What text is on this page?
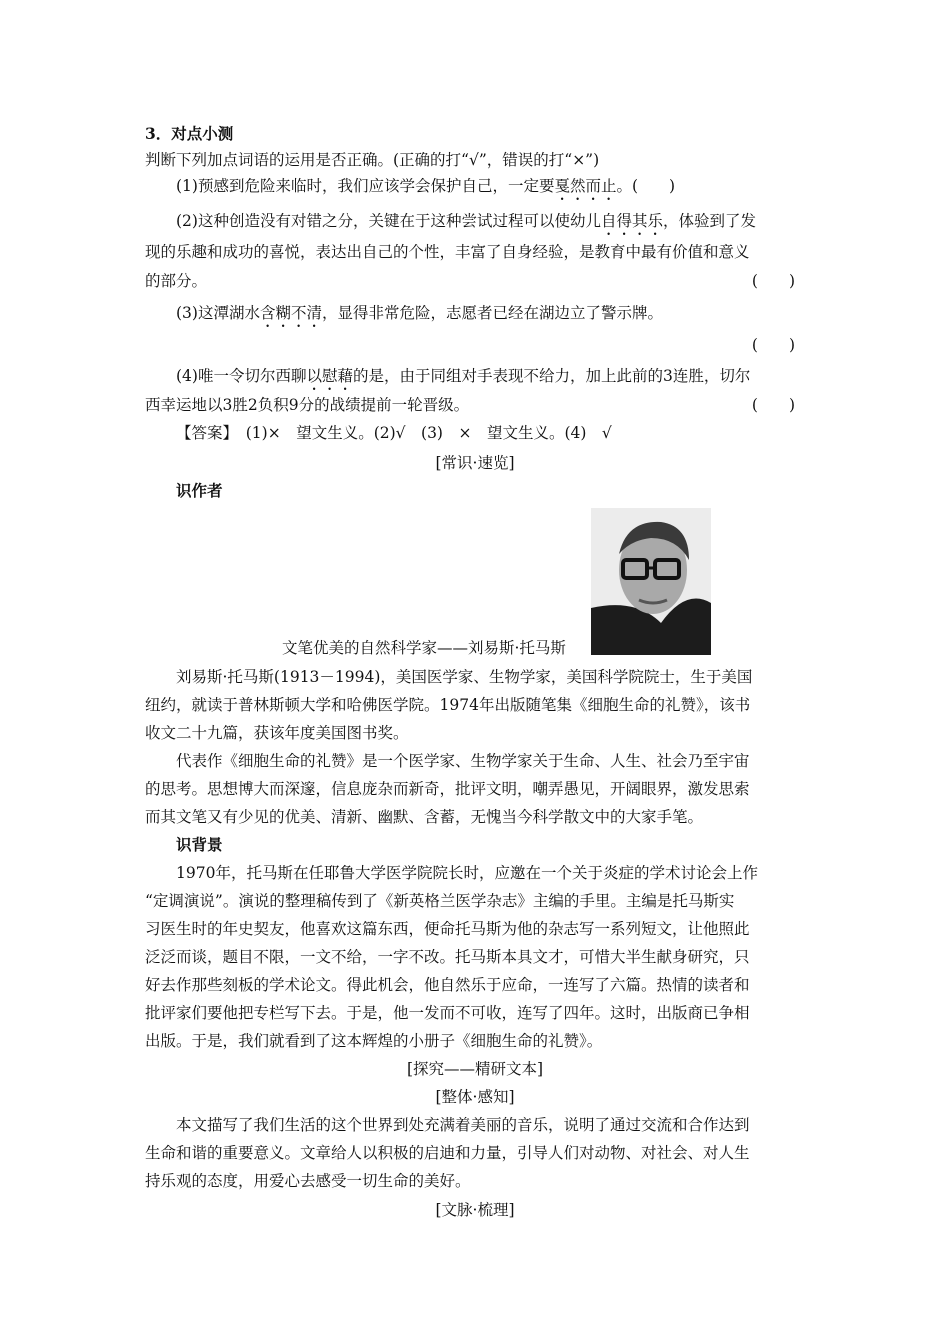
3．对点小测
判断下列加点词语的运用是否正确。(正确的打“√”，错误的打“×”)
(1)预感到危险来临时，我们应该学会保护自己，一定要戛然而止。(　　)
(2)这种创造没有对错之分，关键在于这种尝试过程可以使幼儿自得其乐，体验到了发
现的乐趣和成功的喜悦，表达出自己的个性，丰富了自身经验，是教育中最有价值和意义
的部分。	(　　)
(3)这潭湖水含糊不清，显得非常危险，志愿者已经在湖边立了警示牌。
(　　)
(4)唯一令切尔西聊以慰藉的是，由于同组对手表现不给力，加上此前的3连胜，切尔
西幸运地以3胜2负积9分的战绩提前一轮晋级。	(　　)
【答案】　(1)×　望文生义。(2)√　(3)　×　望文生义。(4)　√
[常识·速览]
识作者
文笔优美的自然科学家——刘易斯·托马斯
刘易斯·托马斯(1913－1994)，美国医学家、生物学家，美国科学院院士，生于美国
纽约，就读于普林斯顿大学和哈佛医学院。1974年出版随笔集《细胞生命的礼赞》，该书
收文二十九篇，获该年度美国图书奖。
代表作《细胞生命的礼赞》是一个医学家、生物学家关于生命、人生、社会乃至宇宙
的思考。思想博大而深邃，信息庞杂而新奇，批评文明，嘲弄愚见，开阔眼界，激发思索
而其文笔又有少见的优美、清新、幽默、含蓄，无愧当今科学散文中的大家手笔。
识背景
1970年，托马斯在任耶鲁大学医学院院长时，应邀在一个关于炎症的学术讨论会上作
“定调演说”。演说的整理稿传到了《新英格兰医学杂志》主编的手里。主编是托马斯实
习医生时的年史契友，他喜欢这篇东西，便命托马斯为他的杂志写一系列短文，让他照此
泛泛而谈，题目不限，一文不给，一字不改。托马斯本具文才，可惜大半生献身研究，只
好去作那些刻板的学术论文。得此机会，他自然乐于应命，一连写了六篇。热情的读者和
批评家们要他把专栏写下去。于是，他一发而不可收，连写了四年。这时，出版商已争相
出版。于是，我们就看到了这本辉煌的小册子《细胞生命的礼赞》。
[探究——精研文本]
[整体·感知]
本文描写了我们生活的这个世界到处充满着美丽的音乐，说明了通过交流和合作达到
生命和谐的重要意义。文章给人以积极的启迪和力量，引导人们对动物、对社会、对人生
持乐观的态度，用爱心去感受一切生命的美好。
[文脉·梳理]
